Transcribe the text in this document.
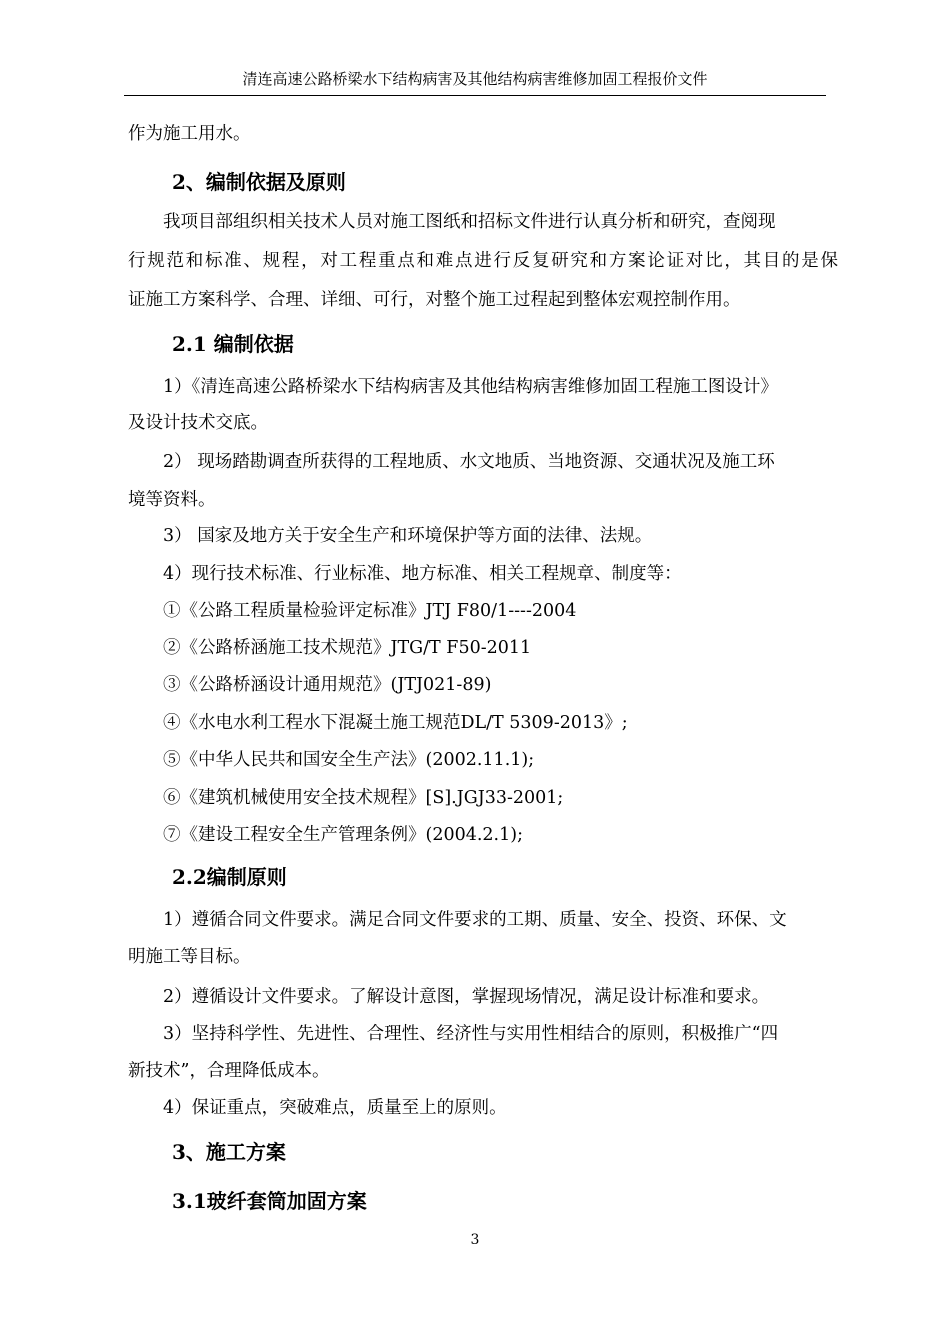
清连高速公路桥梁水下结构病害及其他结构病害维修加固工程报价文件
作为施工用水。
2、编制依据及原则
我项目部组织相关技术人员对施工图纸和招标文件进行认真分析和研究，查阅现
行规范和标准、规程，对工程重点和难点进行反复研究和方案论证对比，其目的是保
证施工方案科学、合理、详细、可行，对整个施工过程起到整体宏观控制作用。
2.1 编制依据
1）《清连高速公路桥梁水下结构病害及其他结构病害维修加固工程施工图设计》
及设计技术交底。
2） 现场踏勘调查所获得的工程地质、水文地质、当地资源、交通状况及施工环
境等资料。
3） 国家及地方关于安全生产和环境保护等方面的法律、法规。
4）现行技术标准、行业标准、地方标准、相关工程规章、制度等：
①《公路工程质量检验评定标准》JTJ F80/1----2004
②《公路桥涵施工技术规范》JTG/T F50-2011
③《公路桥涵设计通用规范》(JTJ021-89)
④《水电水利工程水下混凝土施工规范DL/T 5309-2013》;
⑤《中华人民共和国安全生产法》(2002.11.1);
⑥《建筑机械使用安全技术规程》[S].JGJ33-2001;
⑦《建设工程安全生产管理条例》(2004.2.1);
2.2编制原则
1）遵循合同文件要求。满足合同文件要求的工期、质量、安全、投资、环保、文
明施工等目标。
2）遵循设计文件要求。了解设计意图，掌握现场情况，满足设计标准和要求。
3）坚持科学性、先进性、合理性、经济性与实用性相结合的原则，积极推广“四
新技术”，合理降低成本。
4）保证重点，突破难点，质量至上的原则。
3、施工方案
3.1玻纤套筒加固方案
3
